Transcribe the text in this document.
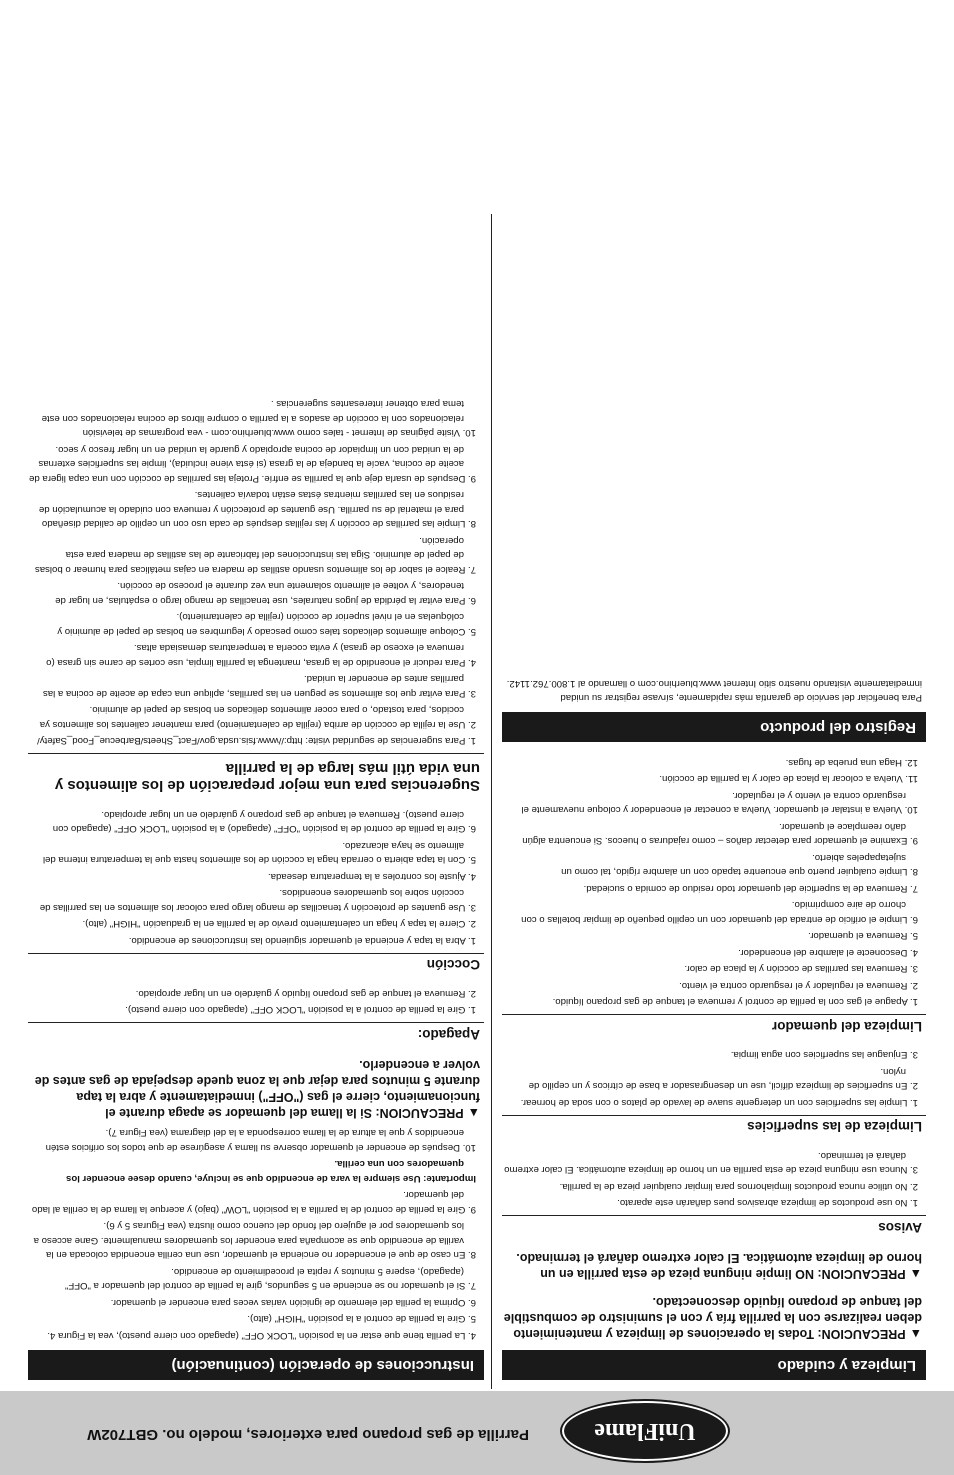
UniFlame
Parrilla de gas propano para exteriores, modelo no. GBT702W
Limpieza y cuidado
▲PRECAUCION: Todas la operaciones de limpieza y mantenimiento deben realizarse con la parrilla fría y con el suministro de combustible del tanque de propano líquido desconectado.
▲PRECAUCION: NO limpie ninguna pieza de esta parrilla en un horno de limpieza automática. El calor extremo dañará el terminado.
Avisos
1. No use productos de limpieza abrasivos pues dañarán este aparato.
2. No utilice nunca productos limpiahornos para limpiar cualquier pieza de la parrilla.
3. Nunca use ninguna pieza de esta parrilla en un horno de limpieza automática. El calor extremo dañará el terminado.
Limpieza de las superficies
1. Limpie las superficies con un detergente suave de lavado de platos o con soda de hornear.
2. En superficies de limpieza difícil, use un desengrasador a base de cítricos y un cepillo de nylon.
3. Enjuague las superficies con agua limpia.
Limpieza del quemador
1. Apague el gas con la perilla de control y remueva el tanque de gas propano líquido.
2. Remueva el regulador y el resguardo contra el viento.
3. Remueva las parrillas de cocción y la placa de calor.
4. Desconecte el alambre del encendedor.
5. Remueva el quemador.
6. Limpie el orificio de entrada del quemador con un cepillo pequeño de limpiar botellas o con chorro de aire comprimido.
7. Remueva de la superficie del quemador todo residuo de comida o suciedad.
8. Limpie cualquier puerto que encuentre tapado con un alambre rígido, tal como un sujetapapeles abierto.
9. Examine el quemador para detectar daños – como rajaduras o huecos. Si encuentra algún daño reemplace el quemador.
10. Vuelva a instalar el quemador. Vuelva a conectar el encendedor y coloque nuevamente el resguardo contra el viento y el regulador.
11. Vuelva a colocar la placa de calor y la parrilla de cocción.
12. Haga una prueba de fugas.
Registro del producto
Para beneficiar del servicio de garantía más rapidamente, sírvase registrar su unidad inmediatamente visitando nuestro sitio Internet www.bluerhino.com o llamando al 1.800.762.1142.
Instrucciones de operación (continuación)
4. La perilla tiene que estar en la posición "LOCK OFF" (apagado con cierre puesto), vea la Figura 4.
5. Gire la perilla de control a la posición "HIGH" (alto).
6. Oprima la perilla del elemento de ignición varias veces para encender el quemador.
7. Si el quemador no se enciende en 5 segundos, gire la perilla de control del quemador a "OFF" (apagado), espere 5 minutos y repita el procedimiento de encendido.
8. En caso de que el encendedor no encienda el quemador, use una cerilla encendida colocada en la varilla de encendido que se acompaña para encender los quemadores manualmente. Gane acceso a los quemadores por el agujero del fondo del cuenco como ilustra (vea Figuras 5 y 6).
9. Gire la perilla de control de la parrilla a la posición "LOW" (bajo) y acerque la llama de la cerilla al lado del quemador.
Importante: Use siempre la vara de encendido que se incluye, cuando desee encender los quemadores con una cerilla.
10. Después de encender el quemador observe su llama y asegúrese de que todos los orificios estén encendidos y que la altura de la llama corresponda a la del diagrama (vea Figura 7).
▲PRECAUCION: Si la llama del quemador se apaga durante el funcionamiento, cierre el gas ("OFF") inmediatamente y abra la tapa durante 5 minutos para dejar que la zona quede despejada de gas antes de volver a encenderlo.
Apagado:
1. Gire la perilla de control a la posición "LOCK OFF" (apagado con cierre puesto).
2. Remueva el tanque de gas propano líquido y guárdelo en un lugar apropiado.
Cocción
1. Abra la tapa y encienda el quemador siguiendo las instrucciones de encendido.
2. Cierre la tapa y haga un calentamiento previo de la parrilla en la graduación "HIGH" (alto).
3. Use guantes de protección y tenacillas de mango largo para colocar los alimentos en las parrillas de cocción sobre los quemadores encendidos.
4. Ajuste los controles a la temperatura deseada.
5. Con la tapa abierta o cerrada haga la cocción de los alimentos hasta que la temperatura interna del alimento se haya alcanzado.
6. Gire la perilla de control de la posición "OFF" (apagado) a la posición "LOCK OFF" (apagado con cierre puesto). Remueva el tanque de gas propano y guárdelo en un lugar apropiado.
Sugerencias para una mejor preparación de los alimentos y una vida útil más larga de la parrilla
1. Para sugerencias de seguridad visite: http://www.fsis.usda.gov/Fact_Sheets/Barbecue_Food_Safety/
2. Use la rejilla de cocción de arriba (rejilla de calentamiento) para mantener calientes los alimentos ya cocidos, para tostado, o para cocer alimentos delicados en bolsas de papel de aluminio.
3. Para evitar que los alimentos se peguen en las parrillas, aplique una capa de aceite de cocina a las parrillas antes de encender la unidad.
4. Para reducir el encendido de la grasa, mantenga la parrilla limpia, use cortes de carne sin grasa (o remueva el exceso de grasa) y evita cocerla a temperaturas demasiada altas.
5. Coloque alimentos delicados tales como pescado y legumbres en bolsas de papel de aluminio y colóquelas en el nivel superior de cocción (rejilla de calentamiento).
6. Para evitar la pérdida de jugos naturales, use tenacillas de mango largo o espátulas, en lugar de tenedores, y voltee el alimento solamente una vez durante el proceso de cocción.
7. Realce el sabor de los alimentos usando astillas de madera en cajas metálicas para humear o bolsas de papel de aluminio. Siga las instrucciones del fabricante de las astillas de madera para esta operación.
8. Limpie las parrillas de cocción y las rejillas después de cada uso con un cepillo de calidad diseñado para el material de su parrilla. Use guantes de protección y remueva con cuidado la acumulación de residuos en las parrillas mientras éstas están todavía calientes.
9. Después de usarla deje que la parrilla se enfríe. Proteja las parrillas de cocción con una capa ligera de aceite de cocina, vacíe la bandeja de la grasa (si ésta viene incluida), limpie las superficies externas de la unidad con un limpiador de cocina apropiado y guarde la unidad en un lugar fresco y seco.
10. Visite páginas de Internet - tales como www.bluerhino.com - vea programas de televisión relacionados con la cocción de asados a la parrilla o compre libros de cocina relacionados con este tema para obtener interesantes sugerencias .
